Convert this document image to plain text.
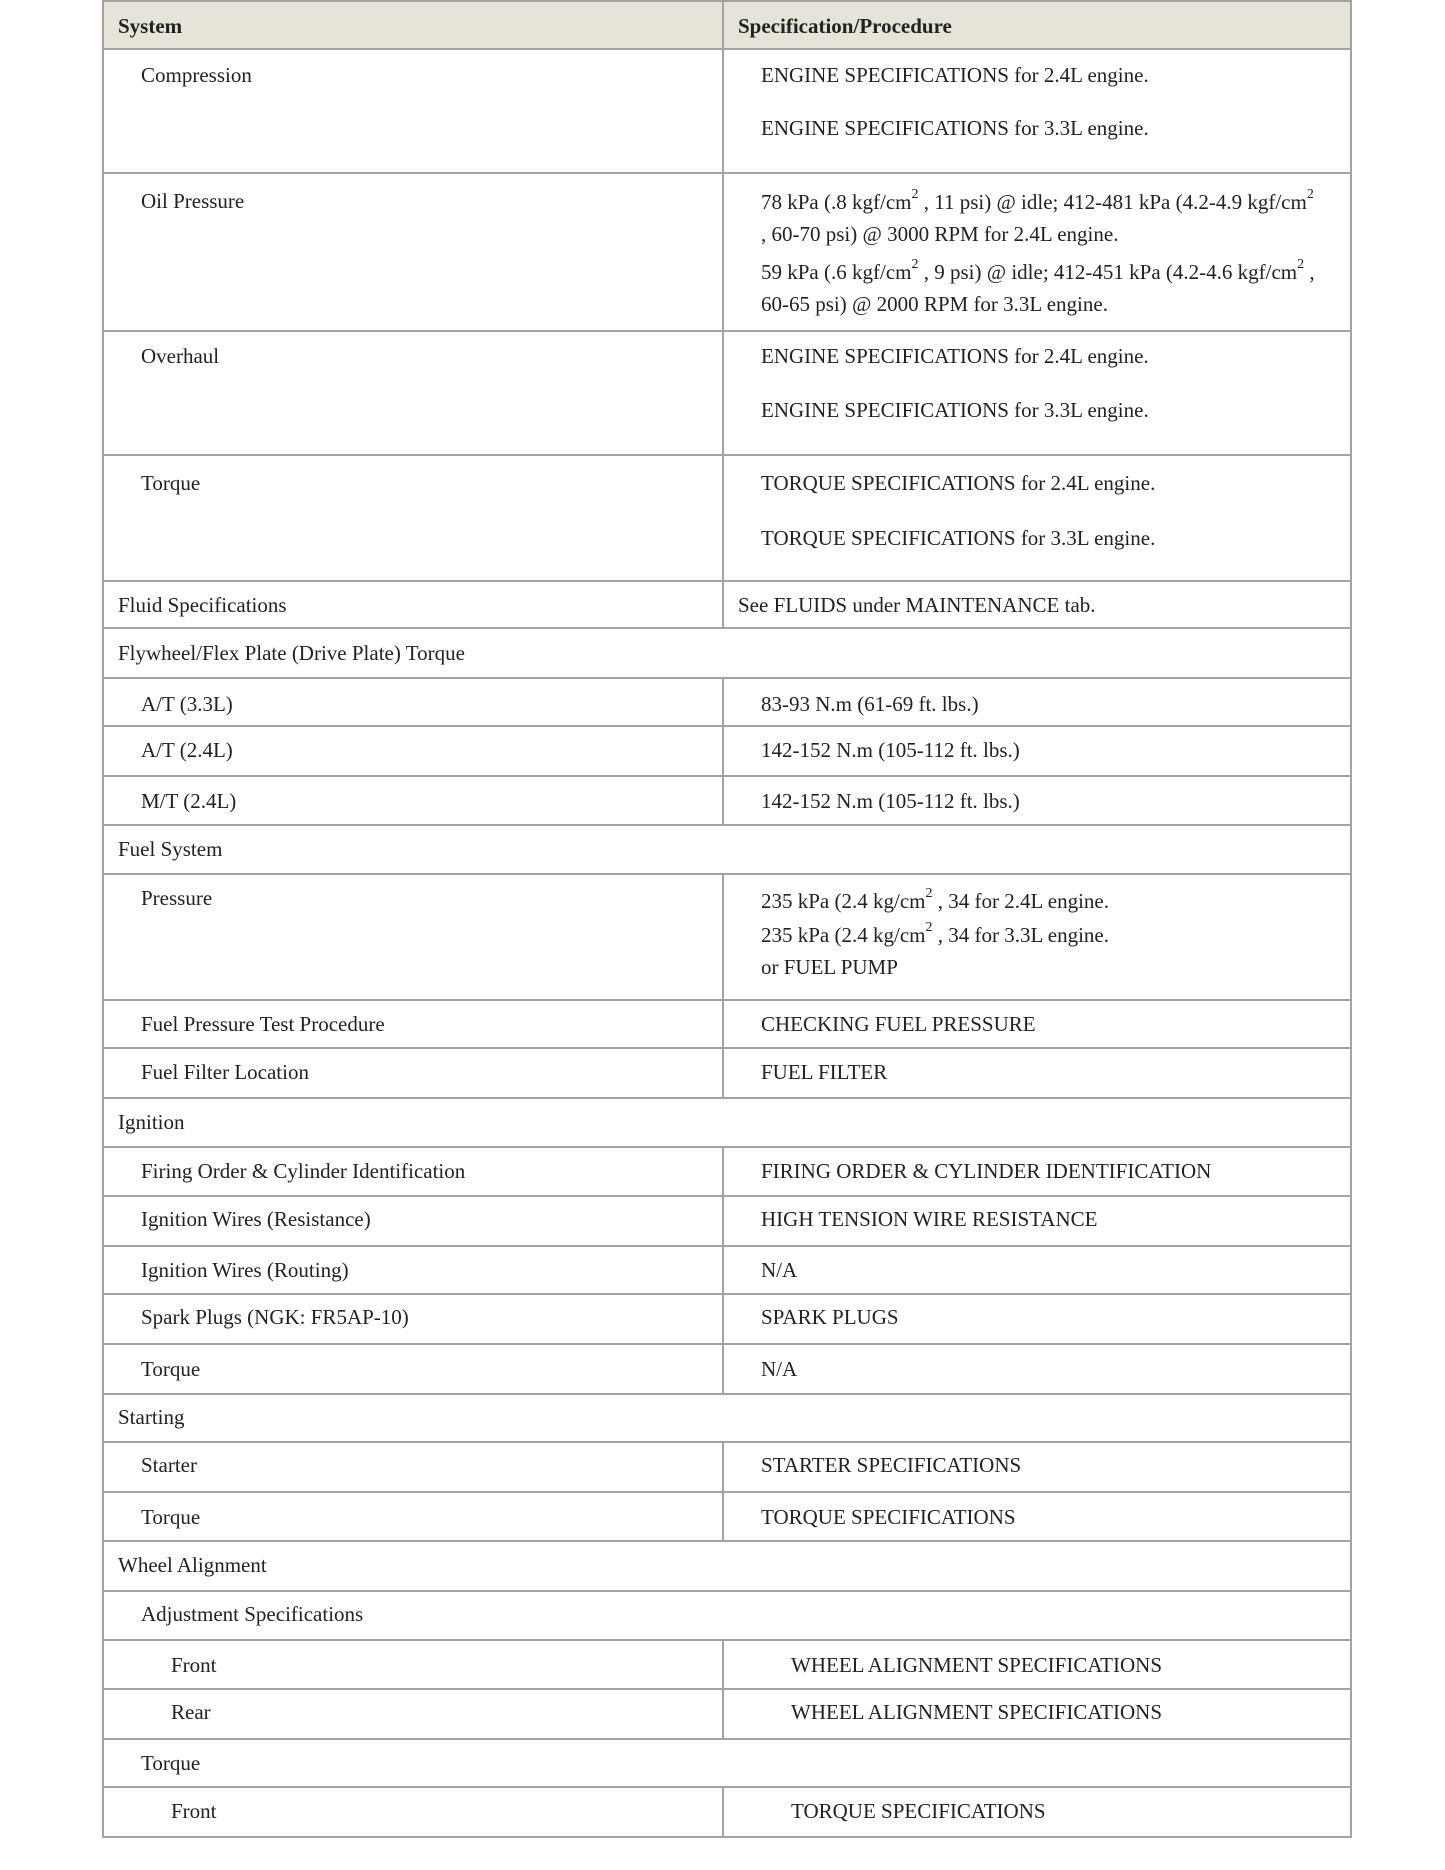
System	Specification/Procedure

Compression	ENGINE SPECIFICATIONS for 2.4L engine.
ENGINE SPECIFICATIONS for 3.3L engine.

Oil Pressure	78 kPa (.8 kgf/$cm^2$ , 11 psi) @ idle; 412-481 kPa (4.2-4.9 kgf/$cm^2$
, 60-70 psi) @ 3000 RPM for 2.4L engine.
59 kPa (.6 kgf/$cm^2$ , 9 psi) @ idle; 412-451 kPa (4.2-4.6 kgf/$cm^2$ ,
60-65 psi) @ 2000 RPM for 3.3L engine.

Overhaul	ENGINE SPECIFICATIONS for 2.4L engine.
ENGINE SPECIFICATIONS for 3.3L engine.

Torque	TORQUE SPECIFICATIONS for 2.4L engine.
TORQUE SPECIFICATIONS for 3.3L engine.

Fluid Specifications	See FLUIDS under MAINTENANCE tab.

Flywheel/Flex Plate (Drive Plate) Torque	

A/T (3.3L)	83-93 N.m (61-69 ft. lbs.)

A/T (2.4L)	142-152 N.m (105-112 ft. lbs.)

M/T (2.4L)	142-152 N.m (105-112 ft. lbs.)

Fuel System	

Pressure	235 kPa (2.4 $kg/cm^2$ , 34 for 2.4L engine.
235 kPa (2.4 $kg/cm^2$ , 34 for 3.3L engine.
or FUEL PUMP

Fuel Pressure Test Procedure	CHECKING FUEL PRESSURE

Fuel Filter Location	FUEL FILTER

Ignition	

Firing Order & Cylinder Identification	FIRING ORDER & CYLINDER IDENTIFICATION

Ignition Wires (Resistance)	HIGH TENSION WIRE RESISTANCE

Ignition Wires (Routing)	N/A

Spark Plugs (NGK: FR5AP-10)	SPARK PLUGS

Torque	N/A

Starting	

Starter	STARTER SPECIFICATIONS

Torque	TORQUE SPECIFICATIONS

Wheel Alignment	

Adjustment Specifications	

Front	WHEEL ALIGNMENT SPECIFICATIONS

Rear	WHEEL ALIGNMENT SPECIFICATIONS

Torque	

Front	TORQUE SPECIFICATIONS
